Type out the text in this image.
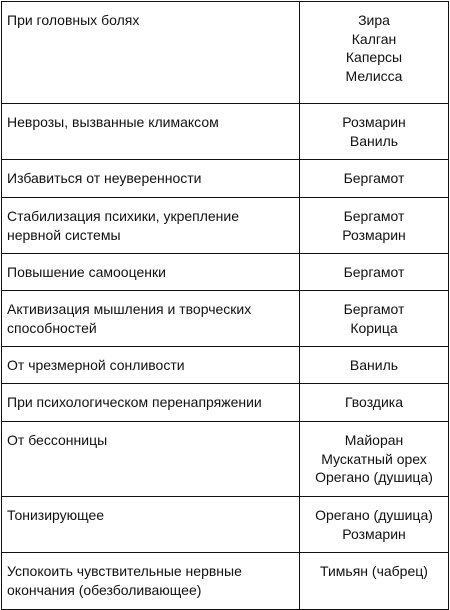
При головных болях	Зира
Калган
Каперсы
Мелисса

Неврозы, вызванные климаксом	Розмарин
Ваниль

Избавиться от неуверенности	Бергамот

Стабилизация психики, укрепление нервной системы	Бергамот
Розмарин

Повышение самооценки	Бергамот

Активизация мышления и творческих способностей	Бергамот
Корица

От чрезмерной сонливости	Ваниль

При психологическом перенапряжении	Гвоздика

От бессонницы	Майоран
Мускатный орех
Орегано (душица)

Тонизирующее	Орегано (душица)
Розмарин

Успокоить чувствительные нервные окончания (обезболивающее)	Тимьян (чабрец)
